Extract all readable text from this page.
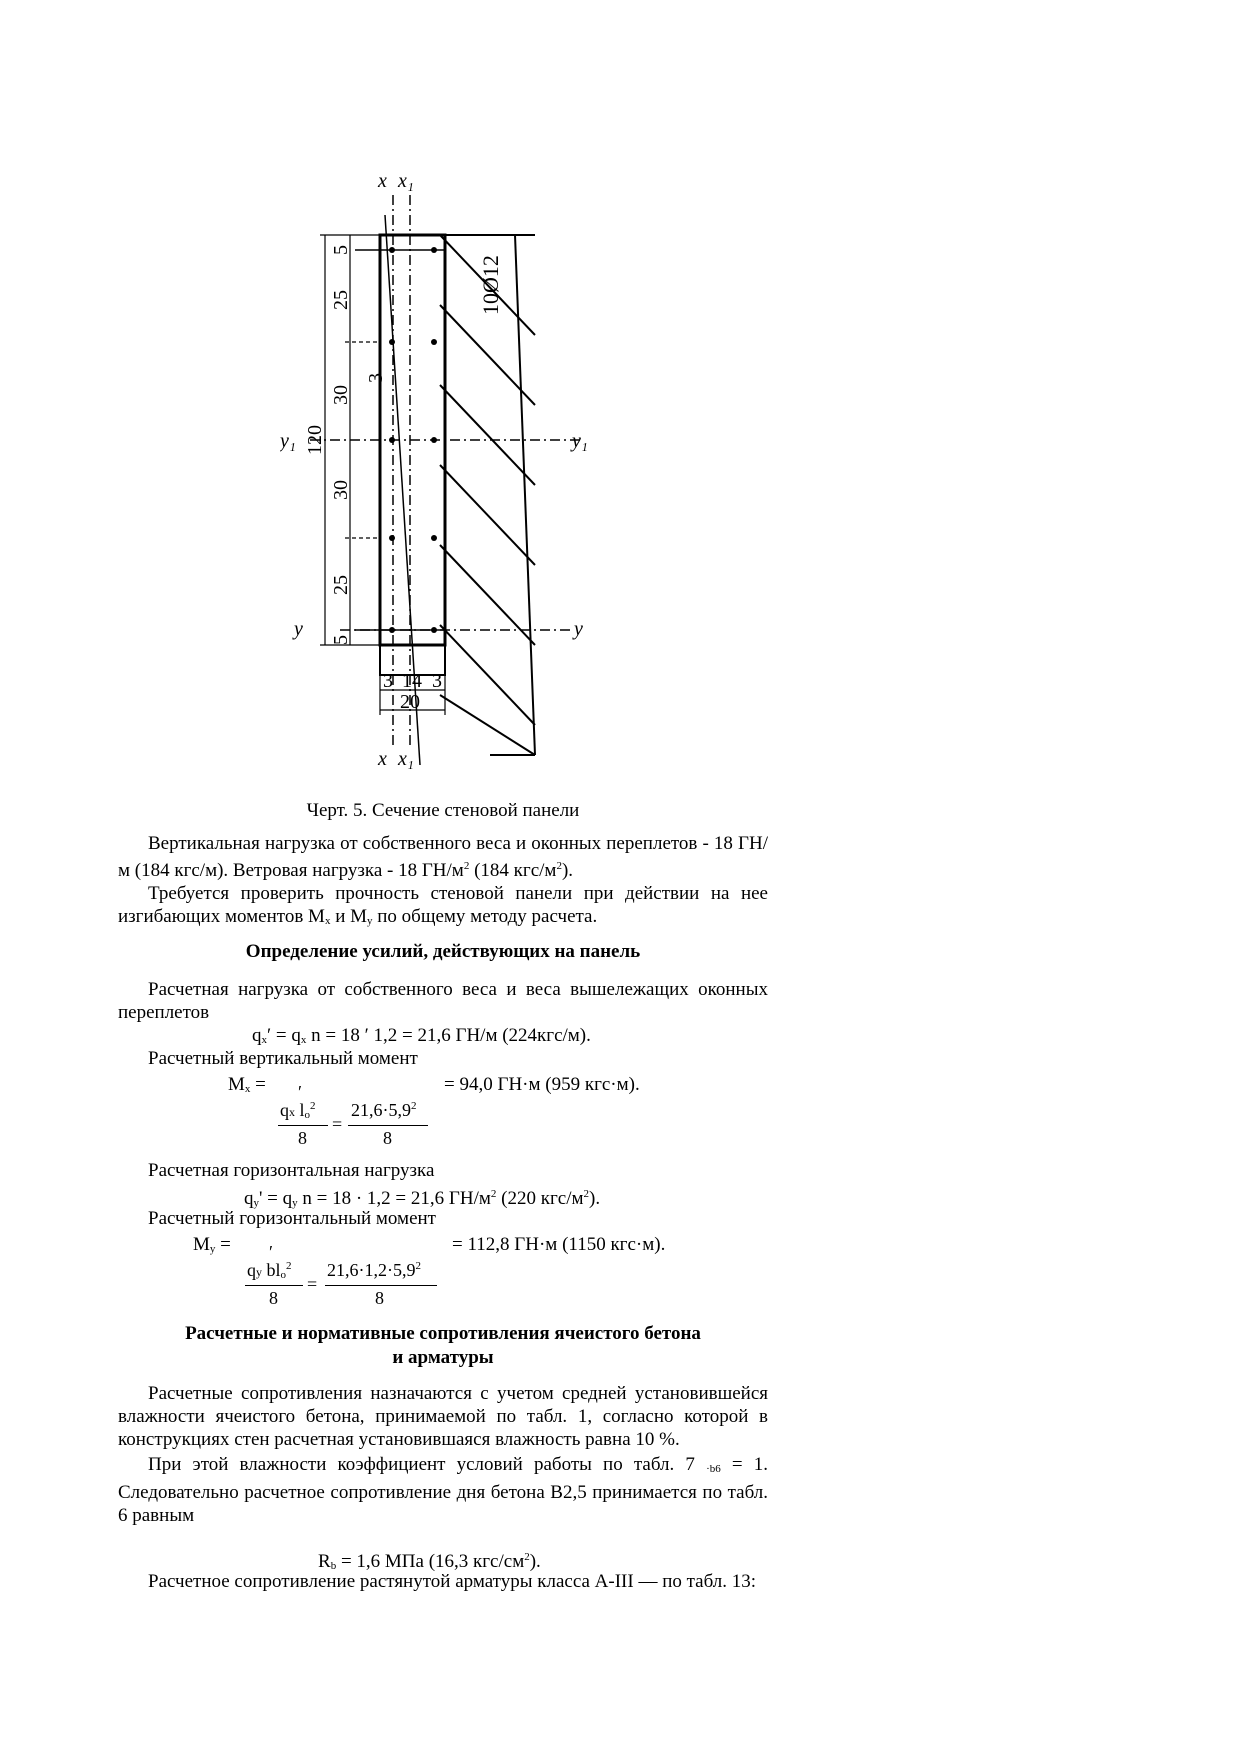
x x₁
x x₁
y₁	y₁
y	y
10Ø12
120
5
25
30
30
25
5
3
3 14 3
20
Черт. 5. Сечение стеновой панели

Вертикальная нагрузка от собственного веса и оконных переплетов - 18 ГН/м (184 кгс/м). Ветровая нагрузка - 18 $ГН/м^2$ (184 кгс/$м^2$).

Требуется проверить прочность стеновой панели при действии на нее изгибающих моментов $M_x$ и $M_y$ по общему методу расчета.

Определение усилий, действующих на панель

Расчетная нагрузка от собственного веса и веса вышележащих оконных переплетов

$q_x' = q_x$ n = 18 ′ 1,2 = 21,6 ГН/м (224кгс/м).
Расчетный вертикальный момент
$M_x$ =	= 94,0 ГН·м (959 кгс·м).
′
qx $l_o^2$
8
=
$21,6\cdot 5,9^2$
8
Расчетная горизонтальная нагрузка
$q_y' = q_y$ n = 18 · 1,2 = 21,6 $ГН/м^2$ (220 кгс/$м^2$).
Расчетный горизонтальный момент
$M_y$ =	= 112,8 ГН·м (1150 кгс·м).
′
qy $bl_o^2$
8
=
$21,6\cdot 1,2\cdot 5,9^2$
8
Расчетные и нормативные сопротивления ячеистого бетона
и арматуры

Расчетные сопротивления назначаются с учетом средней установившейся влажности ячеистого бетона, принимаемой по табл. 1, согласно которой в конструкциях стен расчетная установившаяся влажность равна 10 %.

При этой влажности коэффициент условий работы по табл. 7 $_{\cdot b6}$ = 1. Следовательно расчетное сопротивление дня бетона В2,5 принимается по табл. 6 равным

$R_b = 1,6$ МПа (16,3 кгс/$см^2$).

Расчетное сопротивление растянутой арматуры класса А-III — по табл. 13:
